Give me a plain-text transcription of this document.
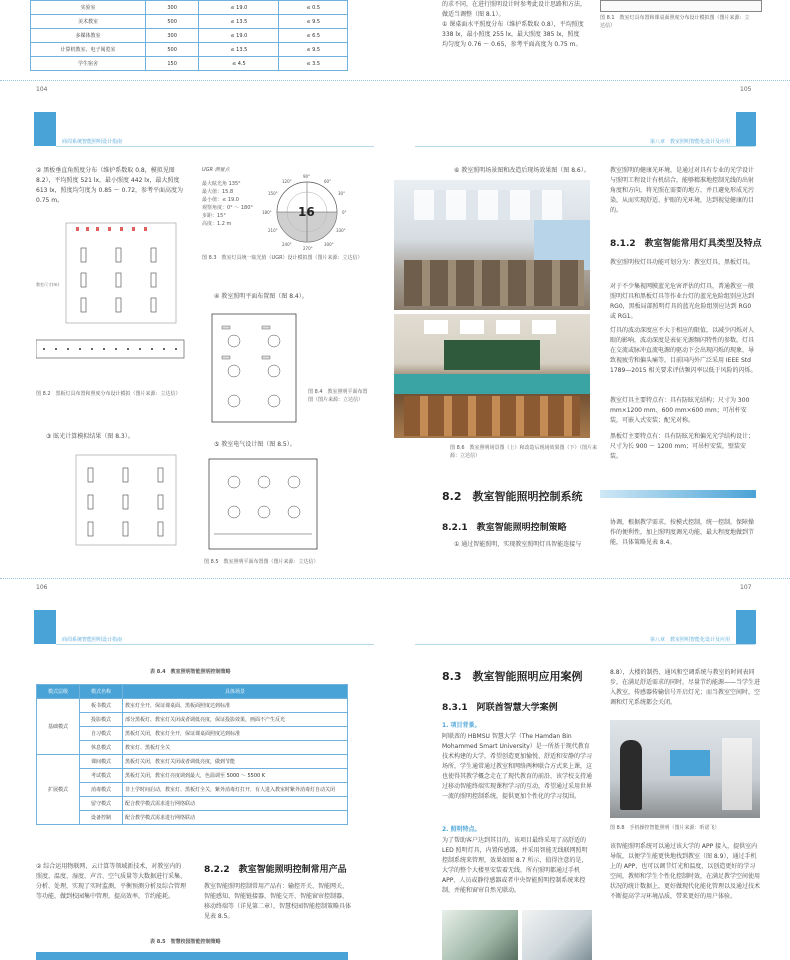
实验室	300	≤ 19.0	≤ 0.5
美术教室	500	≤ 13.5	≤ 9.5
多媒体教室	300	≤ 19.0	≤ 6.5
计算机教室、电子阅览室	500	≤ 13.5	≤ 9.5
学生宿舍	150	≤ 4.5	≤ 3.5
的求不同，在进行照明设计时参考此设计思路和方法，
做适当调整（图 8.1）。
① 课桌面水平照度分布（维护系数取 0.8），平均照度
338 lx，最小照度 255 lx，最大照度 385 lx，照度
均匀度为 0.76 ～ 0.65，参考平面高度为 0.75 m。
图 8.1　教室灯具布置和课桌面照度分布设计模拟图（图片来源：立达信）
104	105
商周系统智能照明设计指南	第八章　教室照明智能化设计及应用
② 黑板垂直角照度分布（维护系数取 0.8，模拟见图 8.2），平均照度 521 lx，最小照度 442 lx，最大照度 613 lx，照度均匀度为 0.85 ～ 0.72，参考平面高度为 0.75 m。
教室尺寸(m)
图 8.2　黑板灯具布置和照度分布设计模拟（图片来源：立达信）
③ 眩光计算模拟结果（图 8.3）。
UGR 测量点
最大眩光角 135°
最大值：15.8
最小值：≤ 19.0
观察角度：0° ～ 180°
步距：15°
高度：1.2 m
16
90°
120°	60°
150°	30°
180°	0°
210°	330°
240°	300°
270°
图 8.3　教室灯具统一眩光值（UGR）设计模拟图（图片来源：立达信）
④ 教室照明平面布置图（图 8.4）。
图 8.4　教室照明平面布置图（图片来源：立达信）
⑤ 教室电气设计图（图 8.5）。
图 8.5　教室照明平面布置图（图片来源：立达信）
⑥ 教室照明场景图和改造后现场效果图（图 8.6）。
图 8.6　教室照明场景图（上）和改造后现场效果图（下）（图片来源：立达信）
教室照明的健康光环境，是通过对具有专业的光学设计与照明工程设计有机结合，能够精准地控制光线的出射角度和方向，将光照在需要的地方，并且避免形成光污染，从而实现舒适、护眼的光环境，达到视觉健康的目的。
8.1.2　教室智能常用灯具类型及特点
教室照明按灯具功能可划分为：教室灯具、黑板灯具。
对于不少集视网膜蓝光危害评估的灯具，普通教室一般照明灯具和黑板灯具等作业台灯的蓝光危险组别应达到 RG0，黑板局部照明灯具的蓝光危险组别应达到 RG0 或 RG1。
灯具的波动深度应不大于相应的限值，以减少闪烁对人眼的影响，波动深度是表征光源频闪特性的参数。灯具在交流或脉冲直流电源的驱动下会出现闪烁的现象，导致视疲劳和偏头痛等，目前国内外广泛采用 IEEE Std 1789—2015 相关要求评估频闪率以低于风险的闪烁。
教室灯具主要特点有：具有防眩光结构；尺寸为 300 mm×1200 mm、600 mm×600 mm；可吊杆安装，可嵌入式安装；配光对称。
黑板灯主要特点有：具有防眩光和偏光光学结构设计；尺寸为长 900 ～ 1200 mm；可吊杆安装，壁装安装。
8.2　教室智能照明控制系统
8.2.1　教室智能照明控制策略
① 通过智能照明，实现教室照明灯具智能连接与
协调，根据教学需求，按模式控制，统一控制，保障操作的便利性，加上照明度调光功能，最大程度地做到节能，具体策略见表 8.4。
106	107
商周系统智能照明设计指南	第八章　教室照明智能化设计及应用
表 8.4　教室照明智能照明控制策略
模式层级	模式名称	具体场景
基础模式	板书模式	教室灯全开，保证课桌面、黑板面照度达到标准
	投影模式	部分黑板灯、教室灯关闭或者调低亮度，保证投影效果，画面不产生反光
	自习模式	黑板灯关闭，教室灯全开，保证课桌面照度达到标准
	休息模式	教室灯、黑板灯全关
扩展模式	课间模式	黑板灯关闭，教室灯关闭或者调低亮度，做到节能
	考试模式	黑板灯关闭，教室灯亮度调到最大，色温调至 5000 ～ 5500 K
	消毒模式	非上学时间启动，教室灯、黑板灯全关，紫外消毒灯打开，有人进入教室时紫外消毒灯自动关闭
	留守模式	配合教学模式需求进行网络联动
	设备控制	配合教学模式需求进行网络联动
② 综合运用物联网、云计算等领域新技术，对教室内的照度、温度、湿度、声音、空气质量等大数据进行采集、分析、处理，实现了实时监测，平衡预测分析及综合管理等功能，做到校园集中管理，提高效率，节约能耗。
8.2.2　教室智能照明控制常用产品
教室智能照明控制常用产品有：输控开关、智能网关、智能感知、智能链接器、智能交开、智能窗帘控制器、移动终端等（详见第二章），智慧校园智能控制策略具体见表 8.5。
表 8.5　智慧校园智能控制策略
8.3　教室智能照明应用案例
8.3.1　阿联酋智慧大学案例
1. 项目背景。
阿联酋的 HBMSU 智慧大学（The Hamdan Bin Mohammed Smart University）是一所基于现代教育技术构建的大学，希望创造更加愉悦、舒适和安静的学习场所，学生通常通过教室和网络两种联合方式来上课，这也使得其教学概念走在了现代教育的前沿，该学校支持通过移动智能终端实现课程学习的互动，希望通过采用世界一流的照明控制系统，提供更加个性化的学习氛围。
2. 照明特点。
为了帮助客户达到其目的，该项目最终采用了高舒适的 LED 照明灯具，内置传感器，并采用智能无线联网照明控制系统来管理，效果如图 8.7 所示，值得注意的是，大学的整个大楼里安装着无线，所有照明都通过手机 APP、人员或静待感器或者中央智能照明控制系统来控制，并能和窗帘自然光联动。
8.8），大楼的制热、通风和空调系统与教室的时间表同步，在满足舒适需求的同时，尽量节约能源——当学生进入教室，传感器传输信号开启灯光；而当教室空间时，空调和灯光系统都会关闭。
图 8.8　手机操控智能照明（图片来源：昕诺飞）
该智能照明系统可以通过该大学的 APP 接入，提供室内导航，以便学生能更快地找到教室（图 8.9），通过手机上的 APP，也可以调节灯光和温度，以创造更好的学习空间，教师和学生个性化控制时效，在满足教学空间使用状况的统计数据上，更好做现代化能化管理以及通过技术不断提高学习环境品质，带来更好的用户体验。
